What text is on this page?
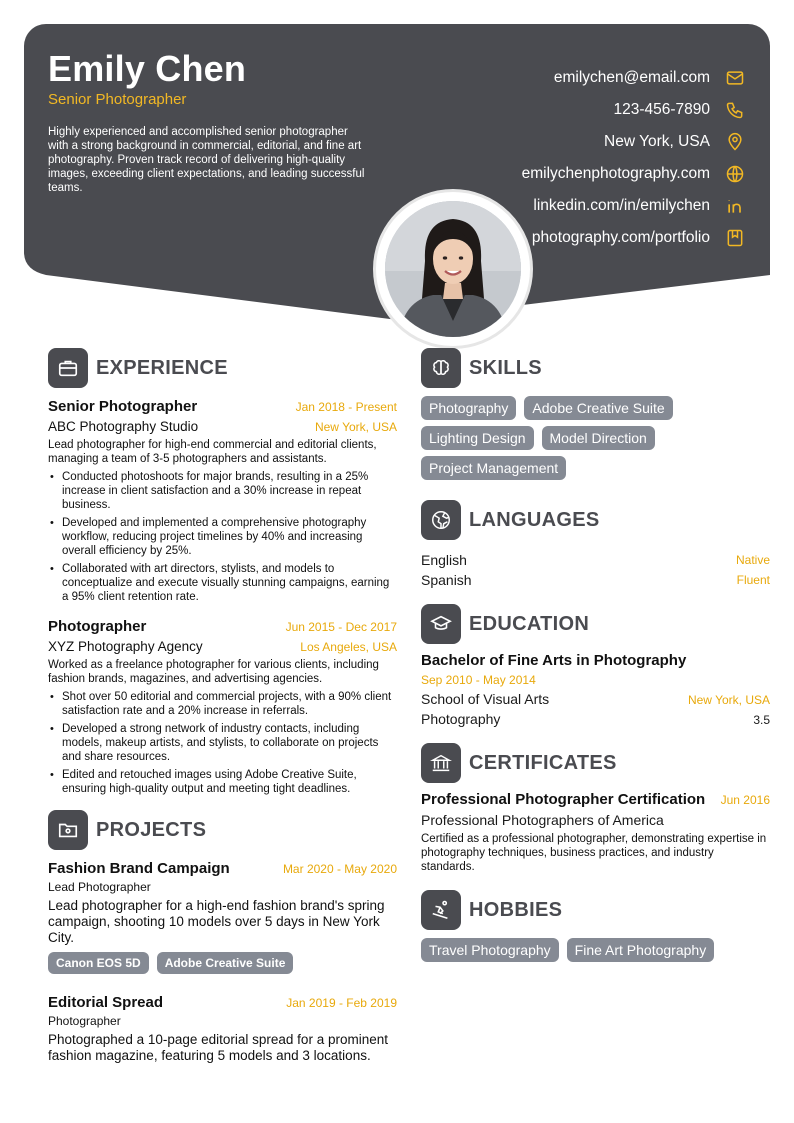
Emily Chen
Senior Photographer
Highly experienced and accomplished senior photographer with a strong background in commercial, editorial, and fine art photography. Proven track record of delivering high-quality images, exceeding client expectations, and leading successful teams.
emilychen@email.com
123-456-7890
New York, USA
emilychenphotography.com
linkedin.com/in/emilychen
photography.com/portfolio
EXPERIENCE
Senior Photographer	Jan 2018 - Present
ABC Photography Studio	New York, USA
Lead photographer for high-end commercial and editorial clients, managing a team of 3-5 photographers and assistants.
• Conducted photoshoots for major brands, resulting in a 25% increase in client satisfaction and a 30% increase in repeat business.
• Developed and implemented a comprehensive photography workflow, reducing project timelines by 40% and increasing overall efficiency by 25%.
• Collaborated with art directors, stylists, and models to conceptualize and execute visually stunning campaigns, earning a 95% client retention rate.
Photographer	Jun 2015 - Dec 2017
XYZ Photography Agency	Los Angeles, USA
Worked as a freelance photographer for various clients, including fashion brands, magazines, and advertising agencies.
• Shot over 50 editorial and commercial projects, with a 90% client satisfaction rate and a 20% increase in referrals.
• Developed a strong network of industry contacts, including models, makeup artists, and stylists, to collaborate on projects and share resources.
• Edited and retouched images using Adobe Creative Suite, ensuring high-quality output and meeting tight deadlines.
PROJECTS
Fashion Brand Campaign	Mar 2020 - May 2020
Lead Photographer
Lead photographer for a high-end fashion brand's spring campaign, shooting 10 models over 5 days in New York City.
Canon EOS 5D	Adobe Creative Suite
Editorial Spread	Jan 2019 - Feb 2019
Photographer
Photographed a 10-page editorial spread for a prominent fashion magazine, featuring 5 models and 3 locations.
SKILLS
Photography	Adobe Creative Suite
Lighting Design	Model Direction
Project Management
LANGUAGES
English	Native
Spanish	Fluent
EDUCATION
Bachelor of Fine Arts in Photography
Sep 2010 - May 2014
School of Visual Arts	New York, USA
Photography	3.5
CERTIFICATES
Professional Photographer Certification Jun 2016
Professional Photographers of America
Certified as a professional photographer, demonstrating expertise in photography techniques, business practices, and industry standards.
HOBBIES
Travel Photography	Fine Art Photography
